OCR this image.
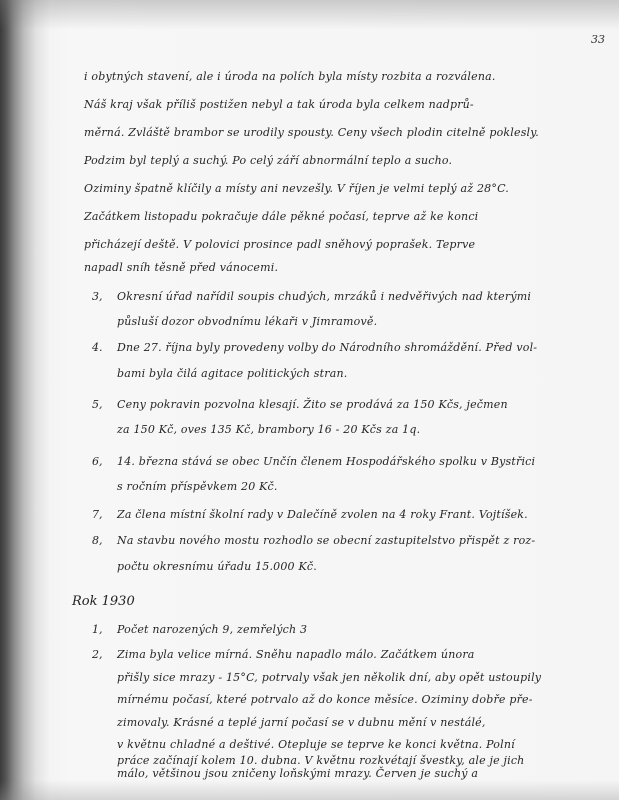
33
i obytných stavení, ale i úroda na polích byla místy rozbita a rozválena.
Náš kraj však příliš postižen nebyl a tak úroda byla celkem nadprů-
měrná. Zvláště brambor se urodily spousty. Ceny všech plodin citelně poklesly.
Podzim byl teplý a suchý. Po celý září abnormální teplo a sucho.
Oziminy špatně klíčily a místy ani nevzešly. V říjen je velmi teplý až 28°C.
Začátkem listopadu pokračuje dále pěkné počasí, teprve až ke konci
přicházejí deště. V polovici prosince padl sněhový poprašek. Teprve
napadl sníh těsně před vánocemi.
3, Okresní úřad nařídil soupis chudých, mrzáků i nedvěřivých nad kterými
půsluší dozor obvodnímu lékaři v Jimramově.
4. Dne 27. října byly provedeny volby do Národního shromáždění. Před vol-
bami byla čilá agitace politických stran.
5, Ceny pokravin pozvolna klesají. Žito se prodává za 150 Kčs, ječmen
za 150 Kč, oves 135 Kč, brambory 16 - 20 Kčs za 1q.
6, 14. března stává se obec Unčín členem Hospodářského spolku v Bystřici
s ročním příspěvkem 20 Kč.
7, Za člena místní školní rady v Dalečíně zvolen na 4 roky Frant. Vojtíšek.
8, Na stavbu nového mostu rozhodlo se obecní zastupitelstvo přispět z roz-
počtu okresnímu úřadu 15.000 Kč.
Rok 1930
1, Počet narozených 9, zemřelých 3
2, Zima byla velice mírná. Sněhu napadlo málo. Začátkem února
přišly sice mrazy - 15°C, potrvaly však jen několik dní, aby opět ustoupily
mírnému počasí, které potrvalo až do konce měsíce. Oziminy dobře pře-
zimovaly. Krásné a teplé jarní počasí se v dubnu mění v nestálé,
v květnu chladné a deštivé. Otepluje se teprve ke konci května. Polní
práce začínají kolem 10. dubna. V květnu rozkvétají švestky, ale je jich
málo, většinou jsou zničeny loňskými mrazy. Červen je suchý a
